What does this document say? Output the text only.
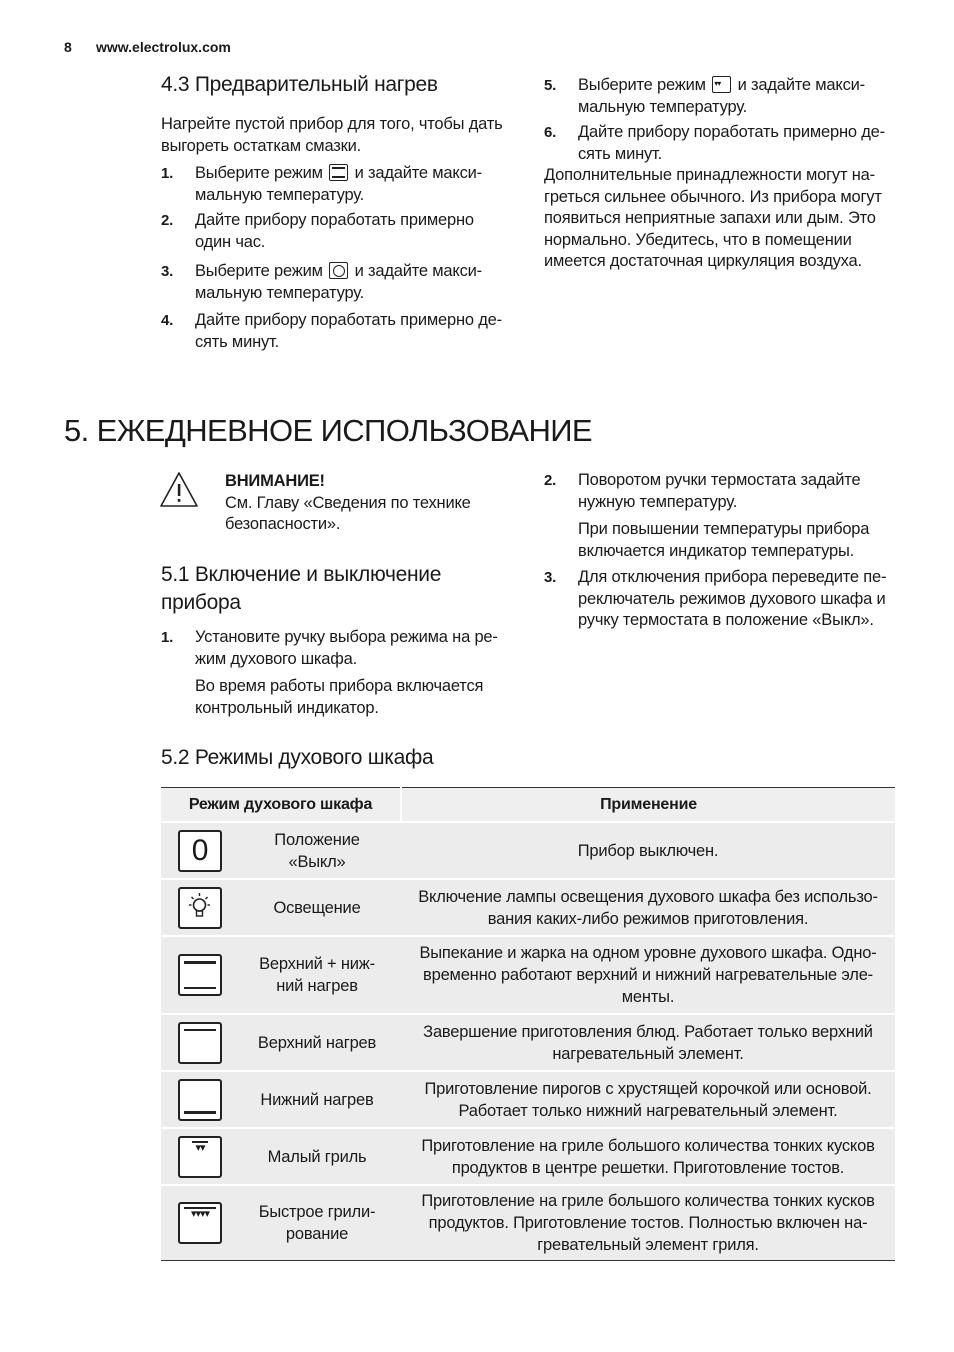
8 www.electrolux.com
4.3 Предварительный нагрев
Нагрейте пустой прибор для того, чтобы дать
выгореть остаткам смазки.
1.	Выберите режим и задайте макси-
мальную температуру.
2.	Дайте прибору поработать примерно
один час.
3.	Выберите режим и задайте макси-
мальную температуру.
4.	Дайте прибору поработать примерно де-
сять минут.
5.	Выберите режим ▾▾ и задайте макси-
мальную температуру.
6.	Дайте прибору поработать примерно де-
сять минут.
Дополнительные принадлежности могут на-
греться сильнее обычного. Из прибора могут
появиться неприятные запахи или дым. Это
нормально. Убедитесь, что в помещении
имеется достаточная циркуляция воздуха.
5. ЕЖЕДНЕВНОЕ ИСПОЛЬЗОВАНИЕ
ВНИМАНИЕ!
См. Главу «Сведения по технике
безопасности».
5.1 Включение и выключение
прибора
1.	Установите ручку выбора режима на ре-
жим духового шкафа.
Во время работы прибора включается
контрольный индикатор.
2.	Поворотом ручки термостата задайте
нужную температуру.
При повышении температуры прибора
включается индикатор температуры.
3.	Для отключения прибора переведите пе-
реключатель режимов духового шкафа и
ручку термостата в положение «Выкл».
5.2 Режимы духового шкафа
Режим духового шкафа		Применение

0	Положение
«Выкл»	Прибор выключен.

	Освещение	Включение лампы освещения духового шкафа без использо-
вания каких-либо режимов приготовления.

	Верхний + ниж-
ний нагрев	Выпекание и жарка на одном уровне духового шкафа. Одно-
временно работают верхний и нижний нагревательные эле-
менты.

	Верхний нагрев	Завершение приготовления блюд. Работает только верхний
нагревательный элемент.

	Нижний нагрев	Приготовление пирогов с хрустящей корочкой или основой.
Работает только нижний нагревательный элемент.

▾▾	Малый гриль	Приготовление на гриле большого количества тонких кусков
продуктов в центре решетки. Приготовление тостов.

▾▾▾▾	Быстрое грили-
рование	Приготовление на гриле большого количества тонких кусков
продуктов. Приготовление тостов. Полностью включен на-
гревательный элемент гриля.
